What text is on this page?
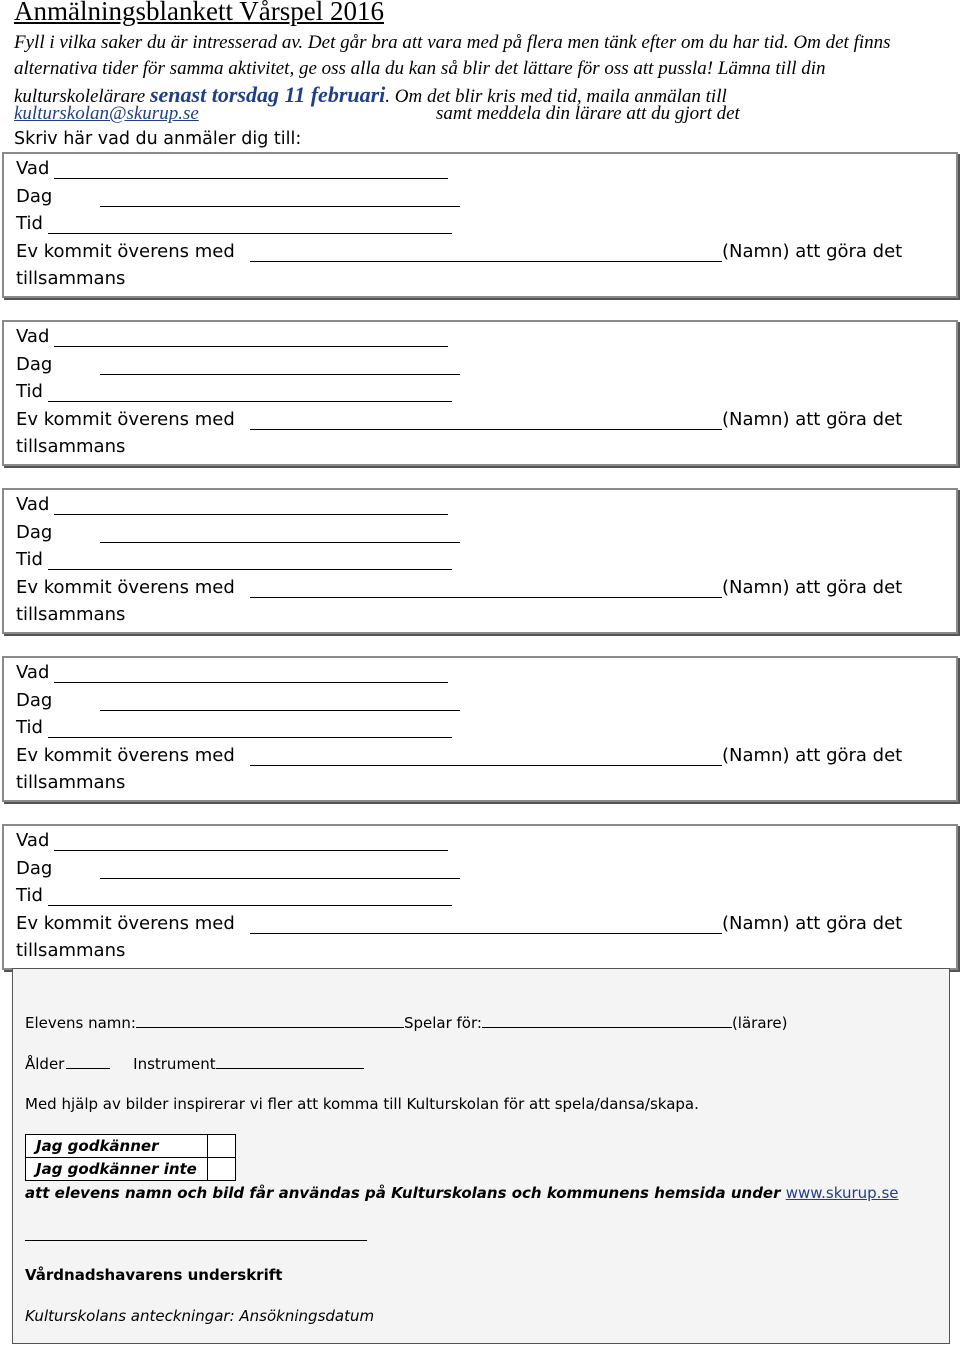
Anmälningsblankett Vårspel 2016
Fyll i vilka saker du är intresserad av. Det går bra att vara med på flera men tänk efter om du har tid. Om det finns alternativa tider för samma aktivitet, ge oss alla du kan så blir det lättare för oss att pussla! Lämna till din kulturskolelärare senast torsdag 11 februari. Om det blir kris med tid, maila anmälan till
kulturskolan@skurup.se	samt meddela din lärare att du gjort det
Skriv här vad du anmäler dig till:
Vad
Dag
Tid
Ev kommit överens med	(Namn) att göra det
tillsammans
Vad
Dag
Tid
Ev kommit överens med	(Namn) att göra det
tillsammans
Vad
Dag
Tid
Ev kommit överens med	(Namn) att göra det
tillsammans
Vad
Dag
Tid
Ev kommit överens med	(Namn) att göra det
tillsammans
Vad
Dag
Tid
Ev kommit överens med	(Namn) att göra det
tillsammans
Elevens namn:	Spelar för:	(lärare)
Ålder	Instrument
Med hjälp av bilder inspirerar vi fler att komma till Kulturskolan för att spela/dansa/skapa.
Jag godkänner	
Jag godkänner inte	
att elevens namn och bild får användas på Kulturskolans och kommunens hemsida under www.skurup.se
Vårdnadshavarens underskrift
Kulturskolans anteckningar: Ansökningsdatum
